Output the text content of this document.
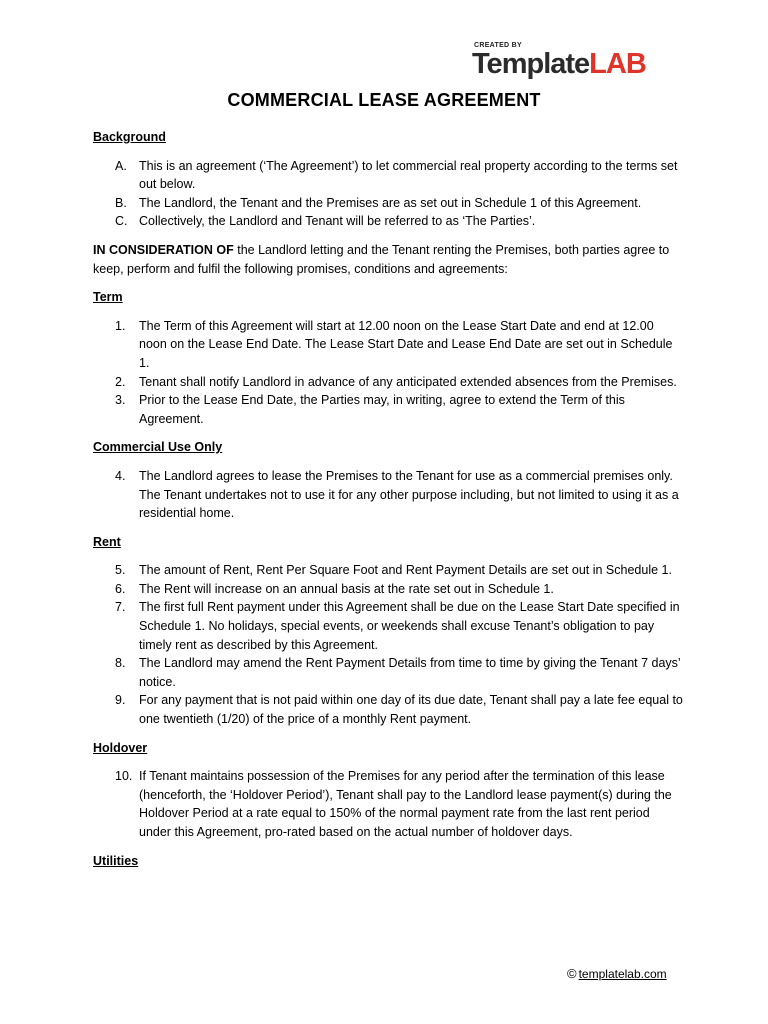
CREATED BY
TemplateLAB
COMMERCIAL LEASE AGREEMENT
Background
A. This is an agreement (‘The Agreement’) to let commercial real property according to the terms set out below.
B. The Landlord, the Tenant and the Premises are as set out in Schedule 1 of this Agreement.
C. Collectively, the Landlord and Tenant will be referred to as ‘The Parties’.
IN CONSIDERATION OF the Landlord letting and the Tenant renting the Premises, both parties agree to keep, perform and fulfil the following promises, conditions and agreements:
Term
1.	The Term of this Agreement will start at 12.00 noon on the Lease Start Date and end at 12.00 noon on the Lease End Date. The Lease Start Date and Lease End Date are set out in Schedule 1.
2.	Tenant shall notify Landlord in advance of any anticipated extended absences from the Premises.
3.	Prior to the Lease End Date, the Parties may, in writing, agree to extend the Term of this Agreement.
Commercial Use Only
4.	The Landlord agrees to lease the Premises to the Tenant for use as a commercial premises only. The Tenant undertakes not to use it for any other purpose including, but not limited to using it as a residential home.
Rent
5.	The amount of Rent, Rent Per Square Foot and Rent Payment Details are set out in Schedule 1.
6.	The Rent will increase on an annual basis at the rate set out in Schedule 1.
7.	The first full Rent payment under this Agreement shall be due on the Lease Start Date specified in Schedule 1. No holidays, special events, or weekends shall excuse Tenant’s obligation to pay timely rent as described by this Agreement.
8.	The Landlord may amend the Rent Payment Details from time to time by giving the Tenant 7 days’ notice.
9.	For any payment that is not paid within one day of its due date, Tenant shall pay a late fee equal to one twentieth (1/20) of the price of a monthly Rent payment.
Holdover
10. If Tenant maintains possession of the Premises for any period after the termination of this lease (henceforth, the ‘Holdover Period’), Tenant shall pay to the Landlord lease payment(s) during the Holdover Period at a rate equal to 150% of the normal payment rate from the last rent period under this Agreement, pro-rated based on the actual number of holdover days.
Utilities
© templatelab.com
